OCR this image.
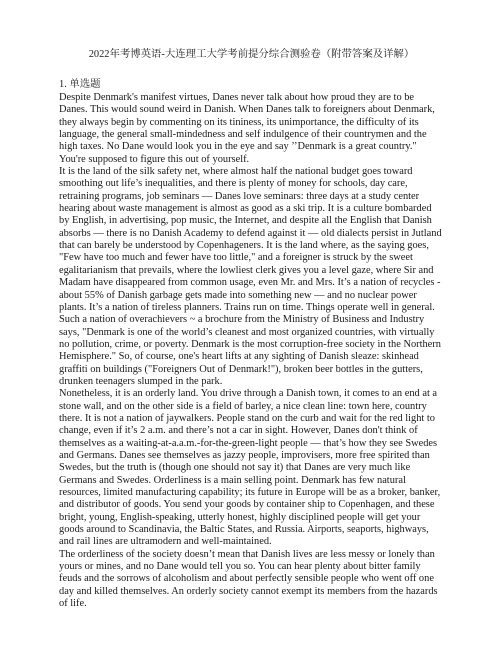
2022年考博英语-大连理工大学考前提分综合测验卷（附带答案及详解）
1. 单选题

Despite Denmark's manifest virtues, Danes never talk about how proud they are to be Danes. This would sound weird in Danish. When Danes talk to foreigners about Denmark, they always begin by commenting on its tininess, its unimportance, the difficulty of its language, the general small-mindedness and self indulgence of their countrymen and the high taxes. No Dane would look you in the eye and say ’’Denmark is a great country." You're supposed to figure this out of yourself.

It is the land of the silk safety net, where almost half the national budget goes toward smoothing out life’s inequalities, and there is plenty of money for schools, day care, retraining programs, job seminars — Danes love seminars: three days at a study center hearing about waste management is almost as good as a ski trip. It is a culture bombarded by English, in advertising, pop music, the Internet, and despite all the English that Danish absorbs — there is no Danish Academy to defend against it — old dialects persist in Jutland that can barely be understood by Copenhageners. It is the land where, as the saying goes, "Few have too much and fewer have too little," and a foreigner is struck by the sweet egalitarianism that prevails, where the lowliest clerk gives you a level gaze, where Sir and Madam have disappeared from common usage, even Mr. and Mrs. It’s a nation of recycles - about 55% of Danish garbage gets made into something new — and no nuclear power plants. It’s a nation of tireless planners. Trains run on time. Things operate well in general.

Such a nation of overachievers ~ a brochure from the Ministry of Business and Industry says, "Denmark is one of the world’s cleanest and most organized countries, with virtually no pollution, crime, or poverty. Denmark is the most corruption-free society in the Northern Hemisphere." So, of course, one's heart lifts at any sighting of Danish sleaze: skinhead graffiti on buildings ("Foreigners Out of Denmark!"), broken beer bottles in the gutters, drunken teenagers slumped in the park.

Nonetheless, it is an orderly land. You drive through a Danish town, it comes to an end at a stone wall, and on the other side is a field of barley, a nice clean line: town here, country there. It is not a nation of jaywalkers. People stand on the curb and wait for the red light to change, even if it’s 2 a.m. and there’s not a car in sight. However, Danes don't think of themselves as a waiting-at-a.a.m.-for-the-green-light people — that’s how they see Swedes and Germans. Danes see themselves as jazzy people, improvisers, more free spirited than Swedes, but the truth is (though one should not say it) that Danes are very much like Germans and Swedes. Orderliness is a main selling point. Denmark has few natural resources, limited manufacturing capability; its future in Europe will be as a broker, banker, and distributor of goods. You send your goods by container ship to Copenhagen, and these bright, young, English-speaking, utterly honest, highly disciplined people will get your goods around to Scandinavia, the Baltic States, and Russia. Airports, seaports, highways, and rail lines are ultramodern and well-maintained.

The orderliness of the society doesn’t mean that Danish lives are less messy or lonely than yours or mines, and no Dane would tell you so. You can hear plenty about bitter family feuds and the sorrows of alcoholism and about perfectly sensible people who went off one day and killed themselves. An orderly society cannot exempt its members from the hazards of life.
